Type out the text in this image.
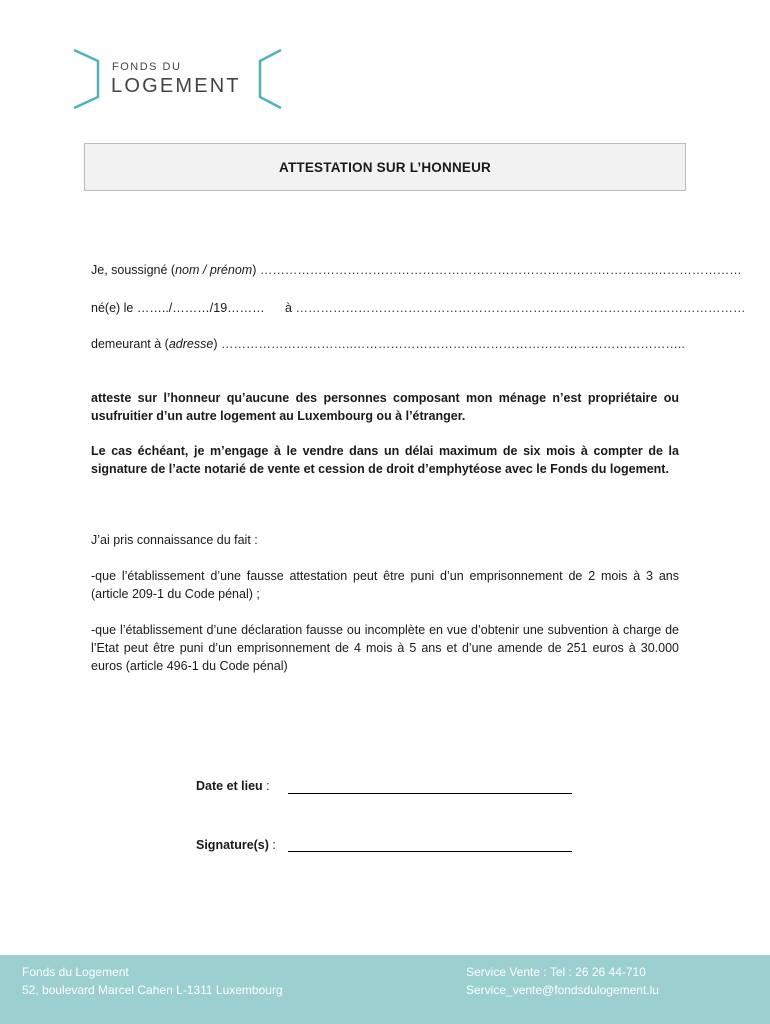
FONDS DU
LOGEMENT
ATTESTATION SUR L’HONNEUR
Je, soussigné (nom / prénom) …………………………………………………………………………………..…………………
né(e) le ……../………/19……… à ………………………………………………………………………………………………
demeurant à (adresse) …………………………..……………………………………………………………………..
atteste sur l’honneur qu’aucune des personnes composant mon ménage n’est propriétaire ou usufruitier d’un autre logement au Luxembourg ou à l’étranger.
Le cas échéant, je m’engage à le vendre dans un délai maximum de six mois à compter de la signature de l’acte notarié de vente et cession de droit d’emphytéose avec le Fonds du logement.
J’ai pris connaissance du fait :
-que l’établissement d’une fausse attestation peut être puni d’un emprisonnement de 2 mois à 3 ans (article 209-1 du Code pénal) ;
-que l’établissement d’une déclaration fausse ou incomplète en vue d’obtenir une subvention à charge de l’Etat peut être puni d’un emprisonnement de 4 mois à 5 ans et d’une amende de 251 euros à 30.000 euros (article 496-1 du Code pénal)
Date et lieu :
Signature(s) :
Fonds du Logement
52, boulevard Marcel Cahen L-1311 Luxembourg
Service Vente : Tel : 26 26 44-710
Service_vente@fondsdulogement.lu
